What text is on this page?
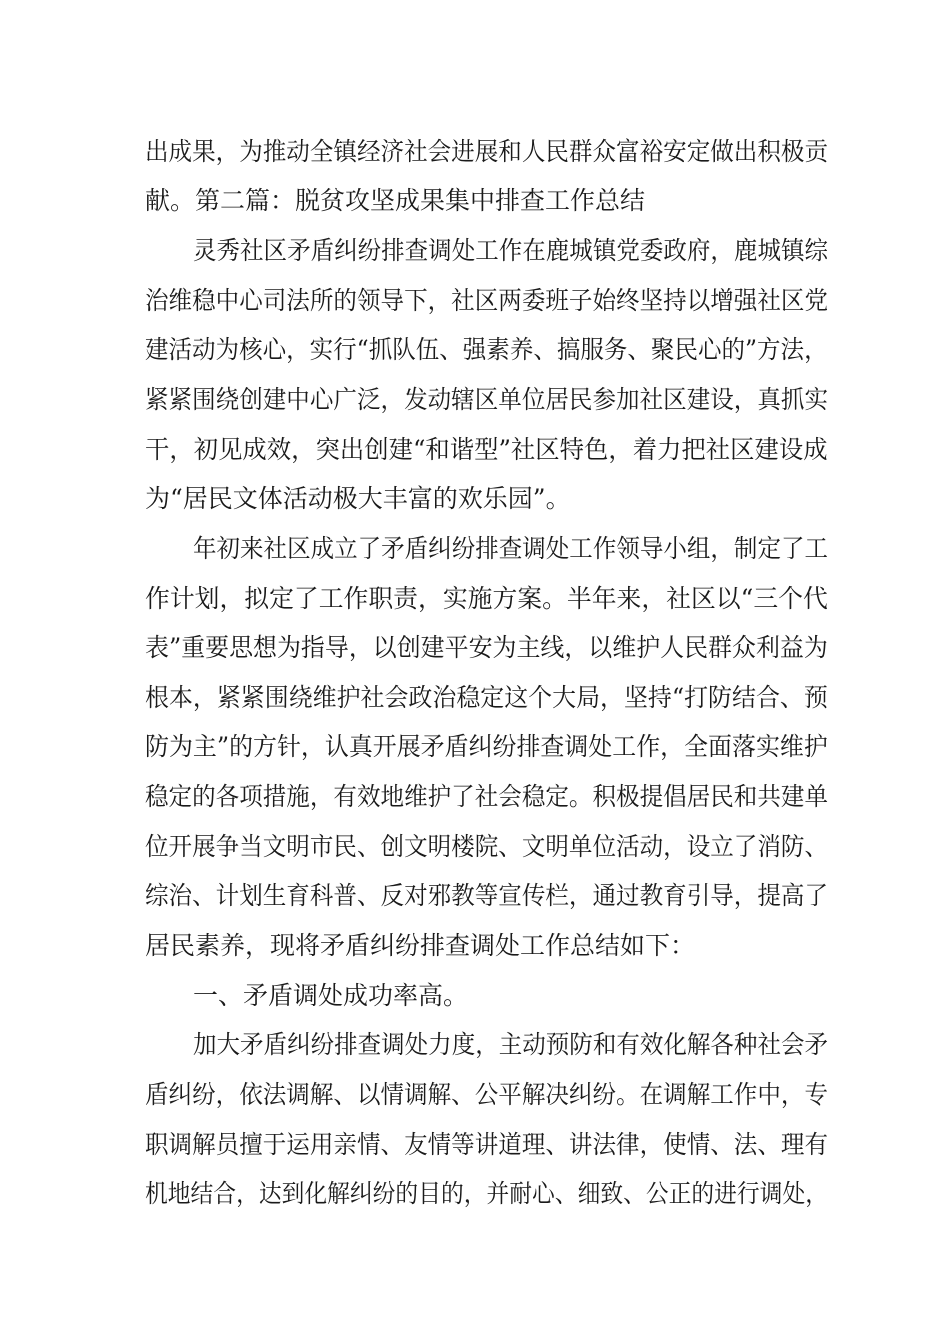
出成果，为推动全镇经济社会进展和人民群众富裕安定做出积极贡
献。第二篇：脱贫攻坚成果集中排查工作总结
灵秀社区矛盾纠纷排查调处工作在鹿城镇党委政府，鹿城镇综
治维稳中心司法所的领导下，社区两委班子始终坚持以增强社区党
建活动为核心，实行“抓队伍、强素养、搞服务、聚民心的”方法，
紧紧围绕创建中心广泛，发动辖区单位居民参加社区建设，真抓实
干，初见成效，突出创建“和谐型”社区特色，着力把社区建设成
为“居民文体活动极大丰富的欢乐园”。
年初来社区成立了矛盾纠纷排查调处工作领导小组，制定了工
作计划，拟定了工作职责，实施方案。半年来，社区以“三个代
表”重要思想为指导，以创建平安为主线，以维护人民群众利益为
根本，紧紧围绕维护社会政治稳定这个大局，坚持“打防结合、预
防为主”的方针，认真开展矛盾纠纷排查调处工作，全面落实维护
稳定的各项措施，有效地维护了社会稳定。积极提倡居民和共建单
位开展争当文明市民、创文明楼院、文明单位活动，设立了消防、
综治、计划生育科普、反对邪教等宣传栏，通过教育引导，提高了
居民素养，现将矛盾纠纷排查调处工作总结如下：
一、矛盾调处成功率高。
加大矛盾纠纷排查调处力度，主动预防和有效化解各种社会矛
盾纠纷，依法调解、以情调解、公平解决纠纷。在调解工作中，专
职调解员擅于运用亲情、友情等讲道理、讲法律，使情、法、理有
机地结合，达到化解纠纷的目的，并耐心、细致、公正的进行调处，
